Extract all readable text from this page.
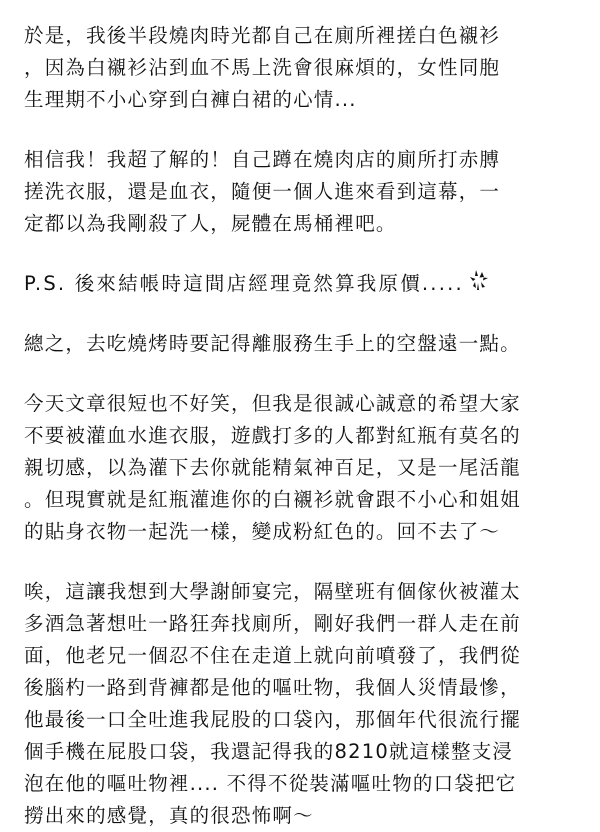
於是，我後半段燒肉時光都自己在廁所裡搓白色襯衫
，因為白襯衫沾到血不馬上洗會很麻煩的，女性同胞
生理期不小心穿到白褲白裙的心情...
相信我！我超了解的！自己蹲在燒肉店的廁所打赤膊
搓洗衣服，還是血衣，隨便一個人進來看到這幕，一
定都以為我剛殺了人，屍體在馬桶裡吧。
P.S. 後來結帳時這間店經理竟然算我原價.....
總之，去吃燒烤時要記得離服務生手上的空盤遠一點。
今天文章很短也不好笑，但我是很誠心誠意的希望大家
不要被灌血水進衣服，遊戲打多的人都對紅瓶有莫名的
親切感，以為灌下去你就能精氣神百足，又是一尾活龍
。但現實就是紅瓶灌進你的白襯衫就會跟不小心和姐姐
的貼身衣物一起洗一樣，變成粉紅色的。回不去了～
唉，這讓我想到大學謝師宴完，隔壁班有個傢伙被灌太
多酒急著想吐一路狂奔找廁所，剛好我們一群人走在前
面，他老兄一個忍不住在走道上就向前噴發了，我們從
後腦杓一路到背褲都是他的嘔吐物，我個人災情最慘，
他最後一口全吐進我屁股的口袋內，那個年代很流行擺
個手機在屁股口袋，我還記得我的8210就這樣整支浸
泡在他的嘔吐物裡.... 不得不從裝滿嘔吐物的口袋把它
撈出來的感覺，真的很恐怖啊～
